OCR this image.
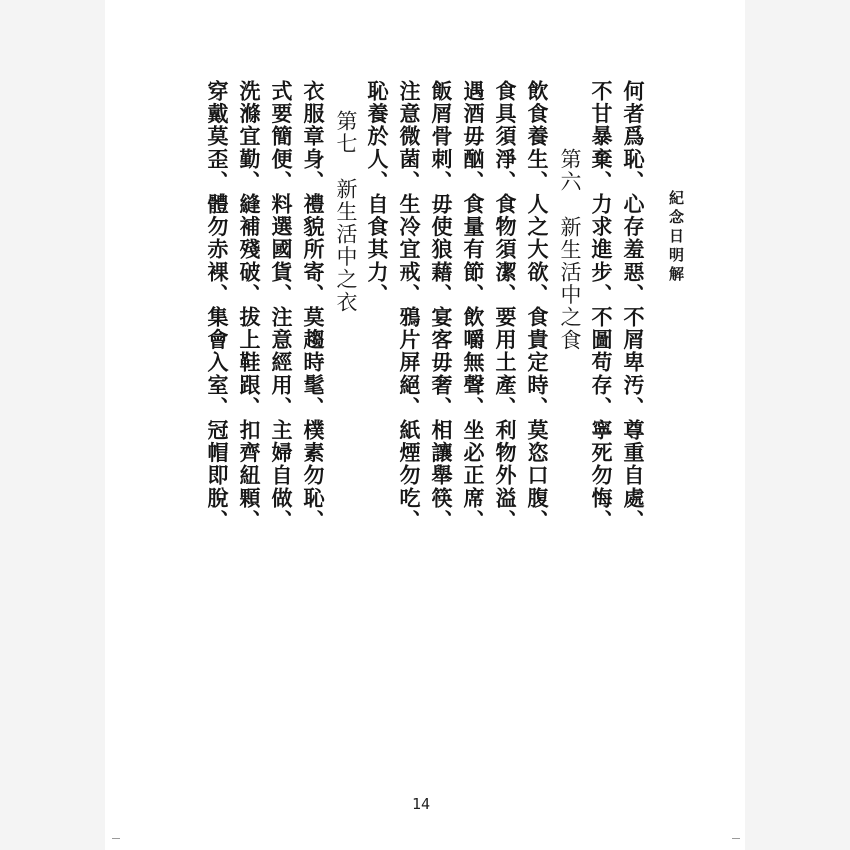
紀念日明解
何者爲恥、心存羞惡、不屑卑汚、尊重自處、
不甘暴棄、力求進步、不圖苟存、寧死勿悔、
第六　新生活中之食
飲食養生、人之大欲、食貴定時、莫恣口腹、
食具須淨、食物須潔、要用土產、利物外溢、
遇酒毋酗、食量有節、飲嚼無聲、坐必正席、
飯屑骨刺、毋使狼藉、宴客毋奢、相讓舉筷、
注意微菌、生冷宜戒、鴉片屏絕、紙煙勿吃、
恥養於人、自食其力、
第七　新生活中之衣
衣服章身、禮貌所寄、莫趨時髦、樸素勿恥、
式要簡便、料選國貨、注意經用、主婦自做、
洗滌宜勤、縫補殘破、拔上鞋跟、扣齊紐顆、
穿戴莫歪、體勿赤裸、集會入室、冠帽即脫、
14
